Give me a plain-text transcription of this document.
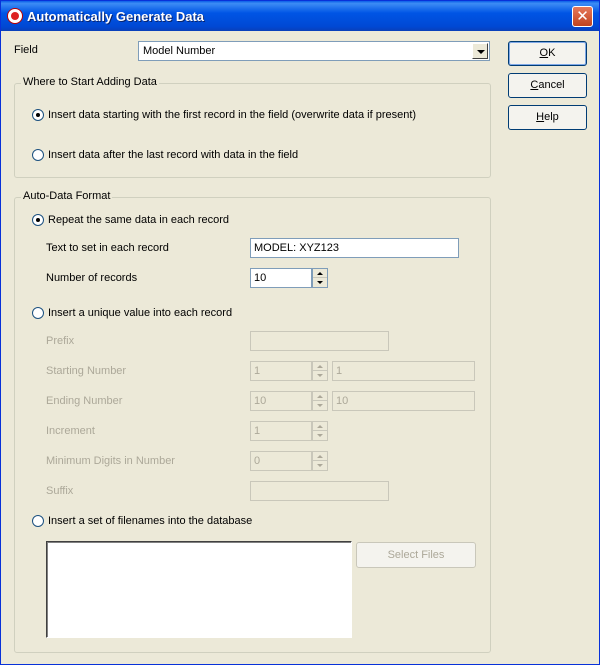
Automatically Generate Data	✕
Field	Model Number	OK
Cancel
Help
Where to Start Adding Data
Insert data starting with the first record in the field (overwrite data if present)
Insert data after the last record with data in the field
Auto-Data Format
Repeat the same data in each record
Text to set in each record	MODEL: XYZ123
Number of records	10
Insert a unique value into each record
Prefix
Starting Number	1	1
Ending Number	10	10
Increment	1
Minimum Digits in Number	0
Suffix
Insert a set of filenames into the database
Select Files
